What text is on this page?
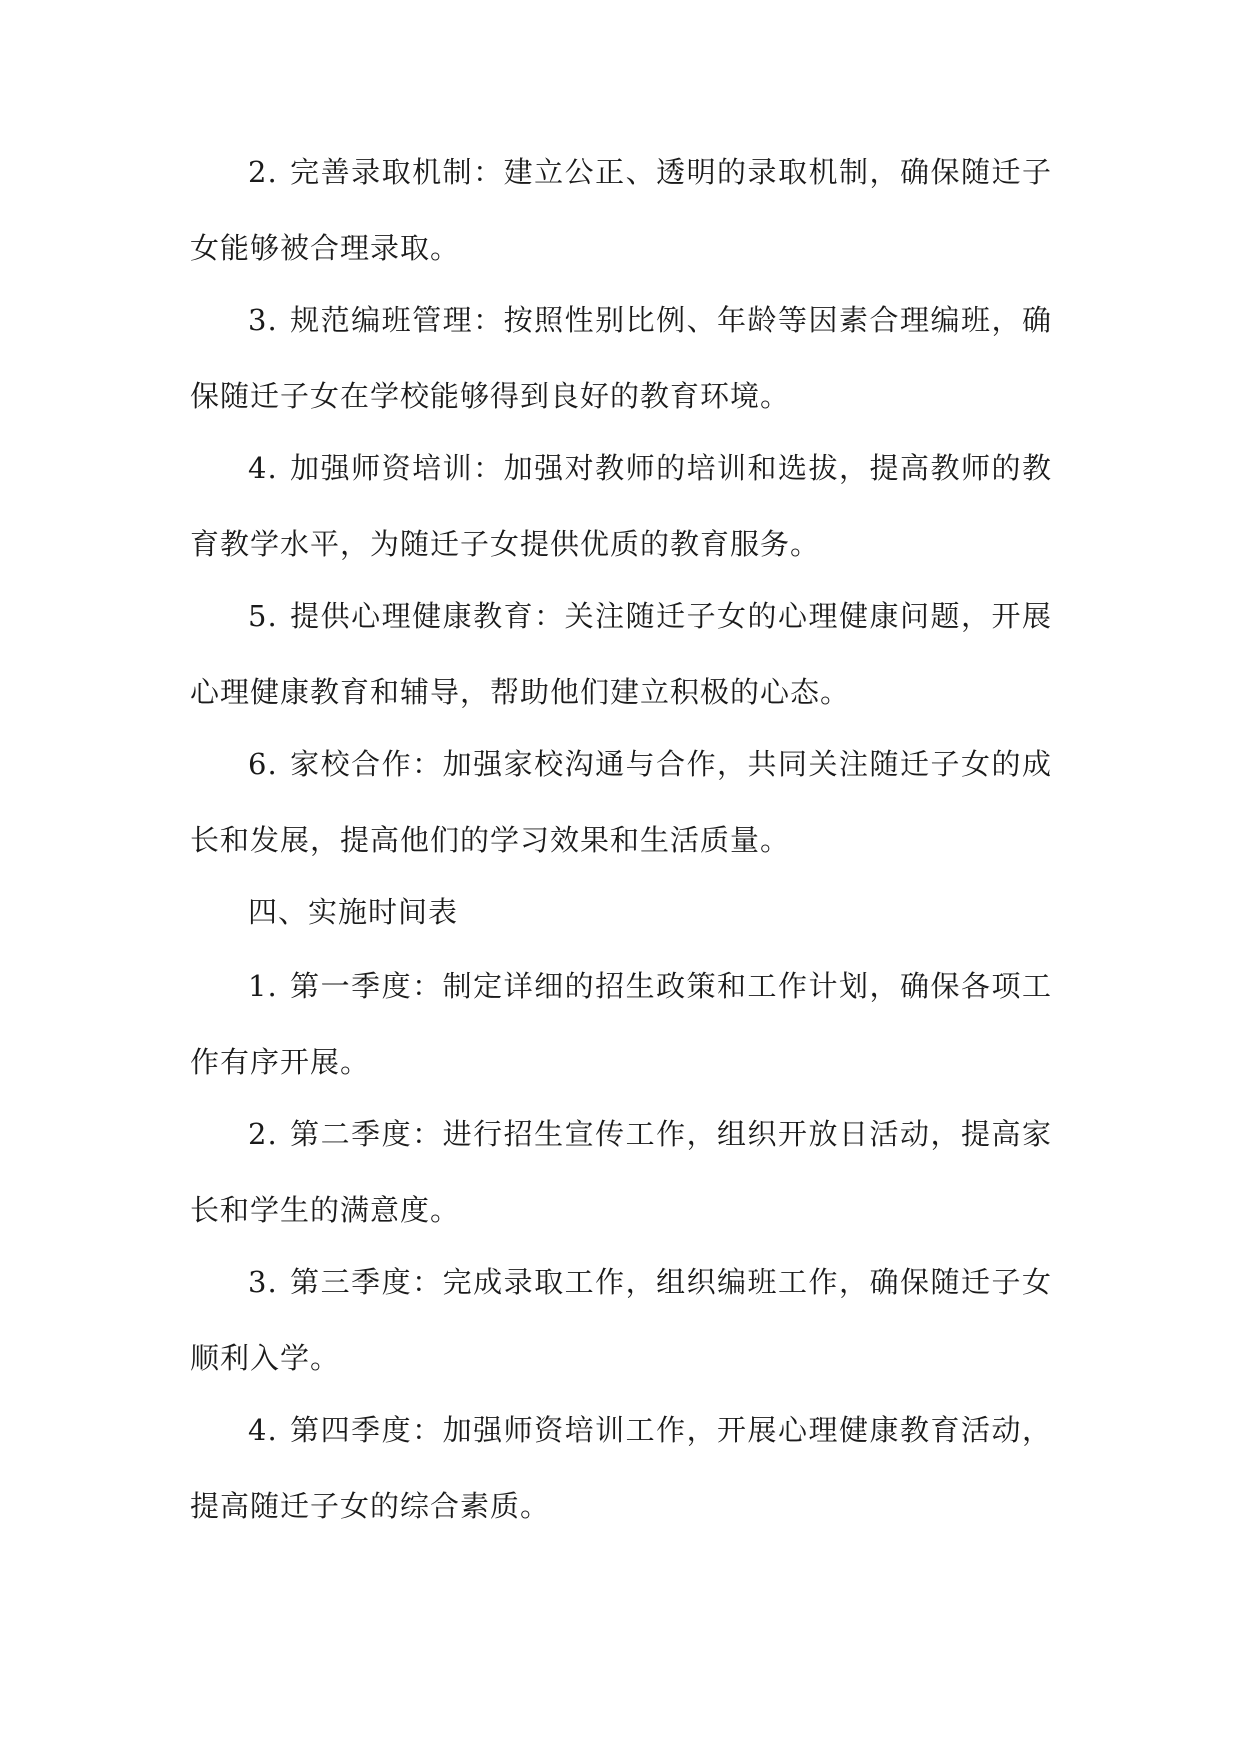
2. 完善录取机制：建立公正、透明的录取机制，确保随迁子女能够被合理录取。

3. 规范编班管理：按照性别比例、年龄等因素合理编班，确保随迁子女在学校能够得到良好的教育环境。

4. 加强师资培训：加强对教师的培训和选拔，提高教师的教育教学水平，为随迁子女提供优质的教育服务。

5. 提供心理健康教育：关注随迁子女的心理健康问题，开展心理健康教育和辅导，帮助他们建立积极的心态。

6. 家校合作：加强家校沟通与合作，共同关注随迁子女的成长和发展，提高他们的学习效果和生活质量。

四、实施时间表

1. 第一季度：制定详细的招生政策和工作计划，确保各项工作有序开展。

2. 第二季度：进行招生宣传工作，组织开放日活动，提高家长和学生的满意度。

3. 第三季度：完成录取工作，组织编班工作，确保随迁子女顺利入学。

4. 第四季度：加强师资培训工作，开展心理健康教育活动，提高随迁子女的综合素质。
